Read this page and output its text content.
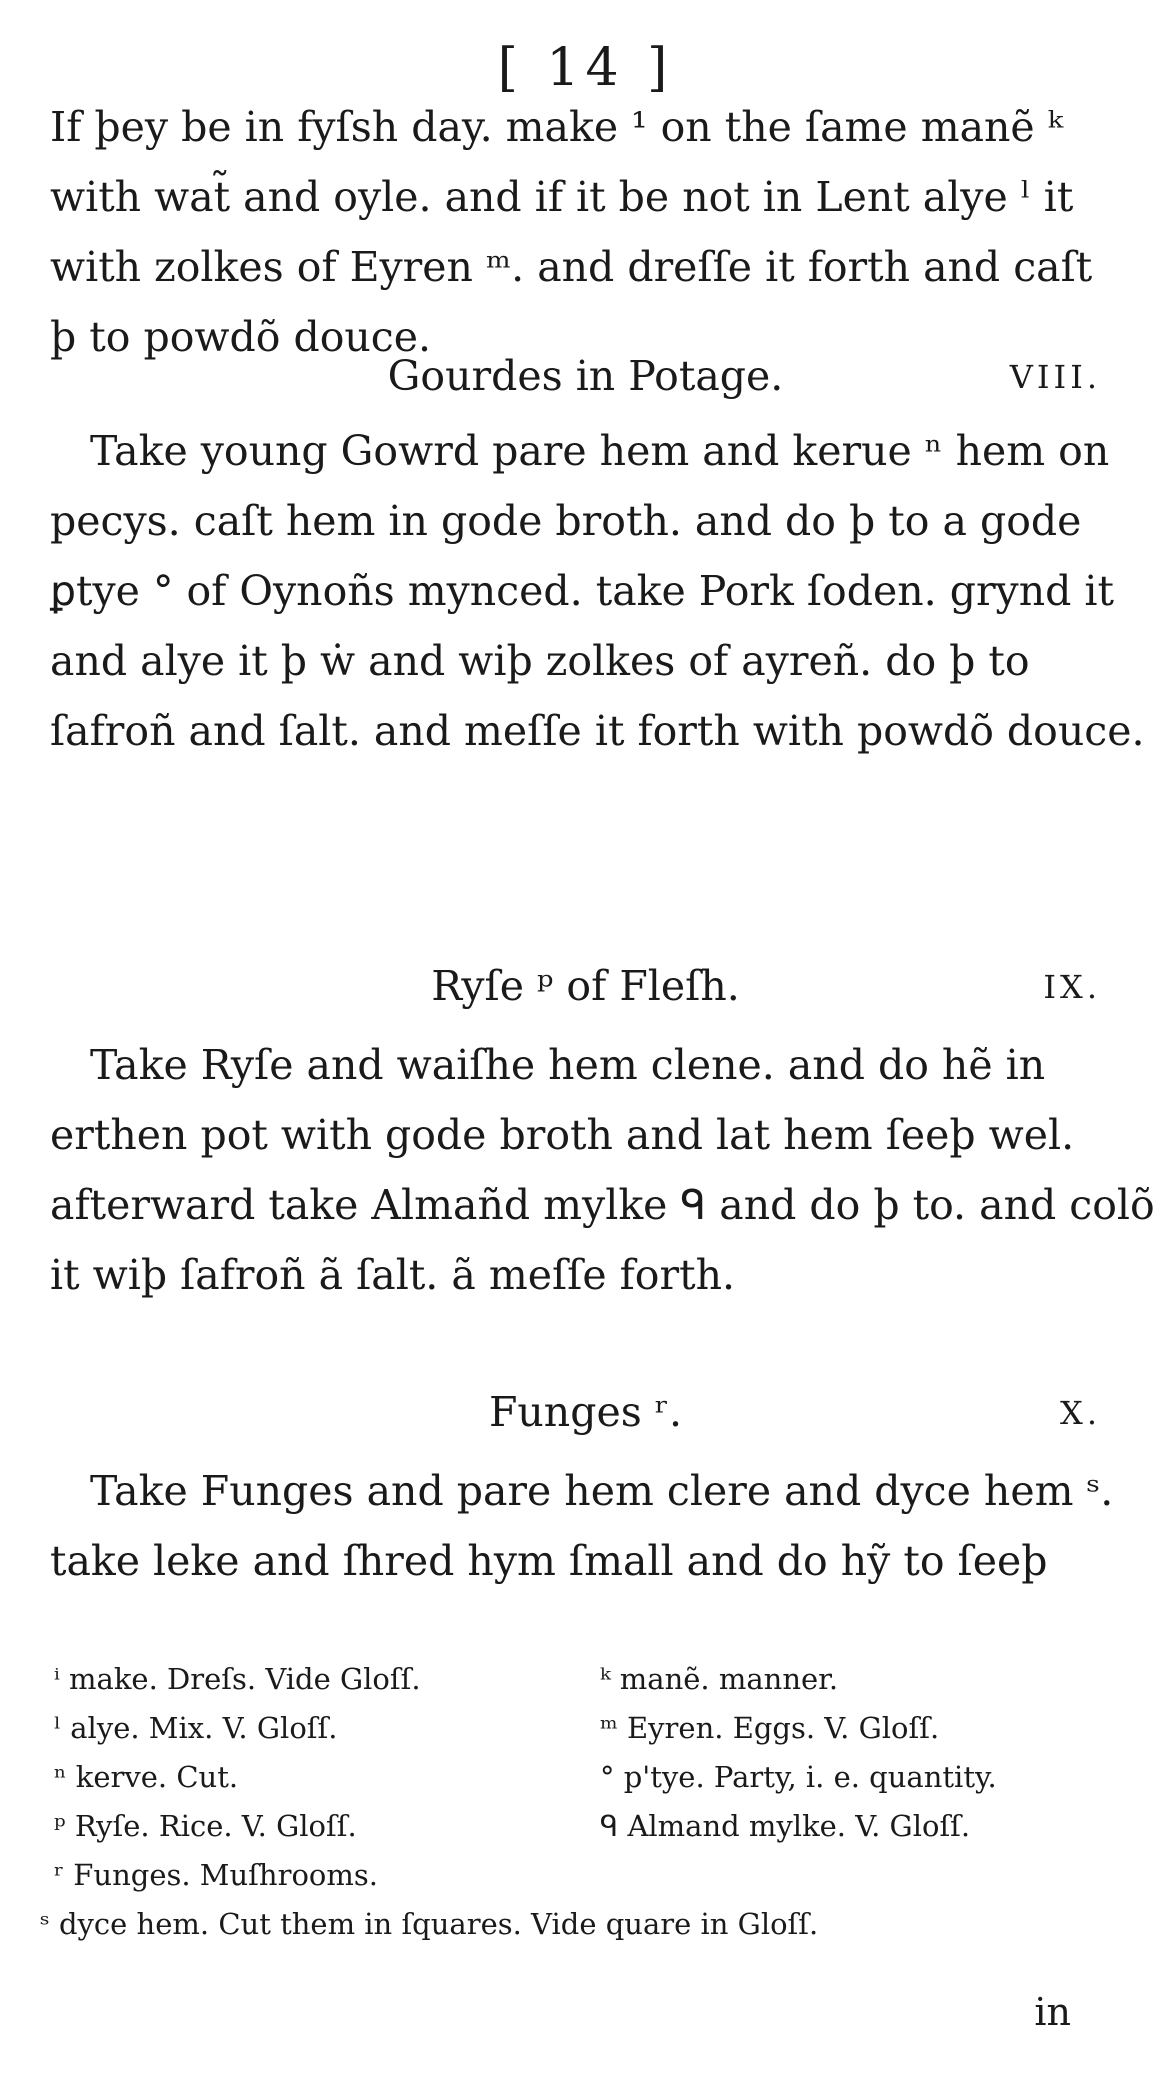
[ 14 ]
If þey be in fyſsh day. make ¹ on the ſame manẽ ᵏ
with wat̃ and oyle. and if it be not in Lent alye ˡ it
with zolkes of Eyren ᵐ. and dreſſe it forth and caſt
þ to powdõ douce.
Gourdes in Potage.	VIII.
Take young Gowrd pare hem and kerue ⁿ hem on
pecys. caſt hem in gode broth. and do þ to a gode
ꝑtye ° of Oynoñs mynced. take Pork ſoden. grynd it
and alye it þ ẇ and wiþ zolkes of ayreñ. do þ to
ſafroñ and ſalt. and meſſe it forth with powdõ douce.
Ryſe ᵖ of Fleſh.	IX.
Take Ryſe and waiſhe hem clene. and do hẽ in
erthen pot with gode broth and lat hem ſeeþ wel.
afterward take Almañd mylke ᑫ and do þ to. and colõ
it wiþ ſafroñ ã ſalt. ã meſſe forth.
Funges ʳ.	X.
Take Funges and pare hem clere and dyce hem ˢ.
take leke and ſhred hym ſmall and do hỹ to ſeeþ
ⁱ make. Dreſs. Vide Gloſſ.	ᵏ manẽ. manner.
ˡ alye. Mix. V. Gloſſ.	ᵐ Eyren. Eggs. V. Gloſſ.
ⁿ kerve. Cut.	° p'tye. Party, i. e. quantity.
ᵖ Ryſe. Rice. V. Gloſſ.	ᑫ Almand mylke. V. Gloſſ.
ʳ Funges. Muſhrooms.
ˢ dyce hem. Cut them in ſquares. Vide quare in Gloſſ.
in
